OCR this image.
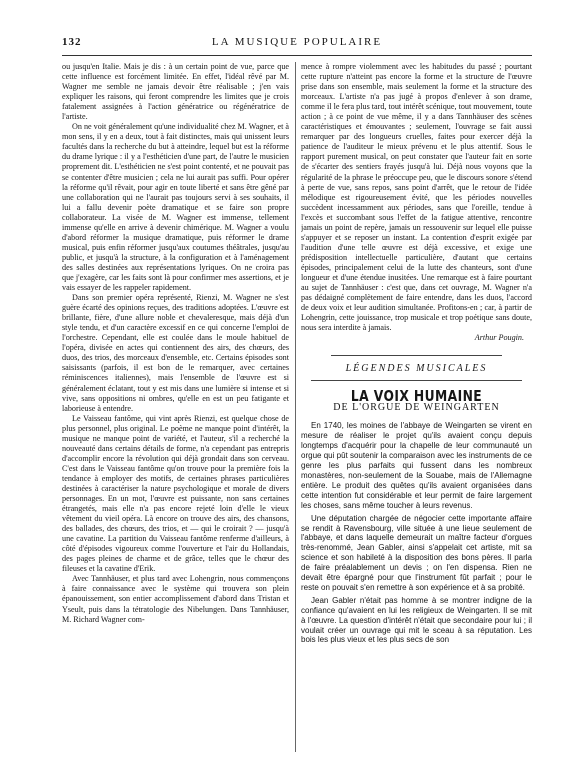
132	LA MUSIQUE POPULAIRE

ou jusqu'en Italie. Mais je dis : à un certain point de vue, parce que cette influence est forcément limitée. En effet, l'idéal rêvé par M. Wagner me semble ne jamais devoir être réalisable ; j'en vais expliquer les raisons, qui feront comprendre les limites que je crois fatalement assignées à l'action génératrice ou régénératrice de l'artiste.

On ne voit généralement qu'une individualité chez M. Wagner, et à mon sens, il y en a deux, tout à fait distinctes, mais qui unissent leurs facultés dans la recherche du but à atteindre, lequel but est la réforme du drame lyrique : il y a l'esthéticien d'une part, de l'autre le musicien proprement dit. L'esthéticien ne s'est point contenté, et ne pouvait pas se contenter d'être musicien ; cela ne lui aurait pas suffi. Pour opérer la réforme qu'il rêvait, pour agir en toute liberté et sans être gêné par une collaboration qui ne l'aurait pas toujours servi à ses souhaits, il lui a fallu devenir poète dramatique et se faire son propre collaborateur. La visée de M. Wagner est immense, tellement immense qu'elle en arrive à devenir chimérique. M. Wagner a voulu d'abord réformer la musique dramatique, puis réformer le drame musical, puis enfin réformer jusqu'aux coutumes théâtrales, jusqu'au public, et jusqu'à la structure, à la configuration et à l'aménagement des salles destinées aux représentations lyriques. On ne croira pas que j'exagère, car les faits sont là pour confirmer mes assertions, et je vais essayer de les rappeler rapidement.

Dans son premier opéra représenté, Rienzi, M. Wagner ne s'est guère écarté des opinions reçues, des traditions adoptées. L'œuvre est brillante, fière, d'une allure noble et chevaleresque, mais déjà d'un style tendu, et d'un caractère excessif en ce qui concerne l'emploi de l'orchestre. Cependant, elle est coulée dans le moule habituel de l'opéra, divisée en actes qui contiennent des airs, des chœurs, des duos, des trios, des morceaux d'ensemble, etc. Certains épisodes sont saisissants (parfois, il est bon de le remarquer, avec certaines réminiscences italiennes), mais l'ensemble de l'œuvre est si généralement éclatant, tout y est mis dans une lumière si intense et si vive, sans oppositions ni ombres, qu'elle en est un peu fatigante et laborieuse à entendre.

Le Vaisseau fantôme, qui vint après Rienzi, est quelque chose de plus personnel, plus original. Le poème ne manque point d'intérêt, la musique ne manque point de variété, et l'auteur, s'il a recherché la nouveauté dans certains détails de forme, n'a cependant pas entrepris d'accomplir encore la révolution qui déjà grondait dans son cerveau. C'est dans le Vaisseau fantôme qu'on trouve pour la première fois la tendance à employer des motifs, de certaines phrases particulières destinées à caractériser la nature psychologique et morale de divers personnages. En un mot, l'œuvre est puissante, non sans certaines étrangetés, mais elle n'a pas encore rejeté loin d'elle le vieux vêtement du vieil opéra. Là encore on trouve des airs, des chansons, des ballades, des chœurs, des trios, et — qui le croirait ? — jusqu'à une cavatine. La partition du Vaisseau fantôme renferme d'ailleurs, à côté d'épisodes vigoureux comme l'ouverture et l'air du Hollandais, des pages pleines de charme et de grâce, telles que le chœur des fileuses et la cavatine d'Erik.

Avec Tannhäuser, et plus tard avec Lohengrin, nous commençons à faire connaissance avec le système qui trouvera son plein épanouissement, son entier accomplissement d'abord dans Tristan et Yseult, puis dans la tétratologie des Nibelungen. Dans Tannhäuser, M. Richard Wagner com-

mence à rompre violemment avec les habitudes du passé ; pourtant cette rupture n'atteint pas encore la forme et la structure de l'œuvre prise dans son ensemble, mais seulement la forme et la structure des morceaux. L'artiste n'a pas jugé à propos d'enlever à son drame, comme il le fera plus tard, tout intérêt scénique, tout mouvement, toute action ; à ce point de vue même, il y a dans Tannhäuser des scènes caractéristiques et émouvantes ; seulement, l'ouvrage se fait aussi remarquer par des longueurs cruelles, faites pour exercer déjà la patience de l'auditeur le mieux prévenu et le plus attentif. Sous le rapport purement musical, on peut constater que l'auteur fait en sorte de s'écarter des sentiers frayés jusqu'à lui. Déjà nous voyons que la régularité de la phrase le préoccupe peu, que le discours sonore s'étend à perte de vue, sans repos, sans point d'arrêt, que le retour de l'idée mélodique est rigoureusement évité, que les périodes nouvelles succèdent incessamment aux périodes, sans que l'oreille, tendue à l'excès et succombant sous l'effet de la fatigue attentive, rencontre jamais un point de repère, jamais un ressouvenir sur lequel elle puisse s'appuyer et se reposer un instant. La contention d'esprit exigée par l'audition d'une telle œuvre est déjà excessive, et exige une prédisposition intellectuelle particulière, d'autant que certains épisodes, principalement celui de la lutte des chanteurs, sont d'une longueur et d'une étendue inusitées. Une remarque est à faire pourtant au sujet de Tannhäuser : c'est que, dans cet ouvrage, M. Wagner n'a pas dédaigné complètement de faire entendre, dans les duos, l'accord de deux voix et leur audition simultanée. Profitons-en ; car, à partir de Lohengrin, cette jouissance, trop musicale et trop poétique sans doute, nous sera interdite à jamais.

Arthur Pougin.

LÉGENDES MUSICALES
LA VOIX HUMAINE
DE L'ORGUE DE WEINGARTEN

En 1740, les moines de l'abbaye de Weingarten se virent en mesure de réaliser le projet qu'ils avaient conçu depuis longtemps d'acquérir pour la chapelle de leur communauté un orgue qui pût soutenir la comparaison avec les instruments de ce genre les plus parfaits qui fussent dans les nombreux monastères, non-seulement de la Souabe, mais de l'Allemagne entière. Le produit des quêtes qu'ils avaient organisées dans cette intention fut considérable et leur permit de faire largement les choses, sans même toucher à leurs revenus.

Une députation chargée de négocier cette importante affaire se rendit à Ravensbourg, ville située à une lieue seulement de l'abbaye, et dans laquelle demeurait un maître facteur d'orgues très-renommé, Jean Gabler, ainsi s'appelait cet artiste, mit sa science et son habileté à la disposition des bons pères. Il parla de faire préalablement un devis ; on l'en dispensa. Rien ne devait être épargné pour que l'instrument fût parfait ; pour le reste on pouvait s'en remettre à son expérience et à sa probité.

Jean Gabler n'était pas homme à se montrer indigne de la confiance qu'avaient en lui les religieux de Weingarten. Il se mit à l'œuvre. La question d'intérêt n'était que secondaire pour lui ; il voulait créer un ouvrage qui mit le sceau à sa réputation. Les bois les plus vieux et les plus secs de son
